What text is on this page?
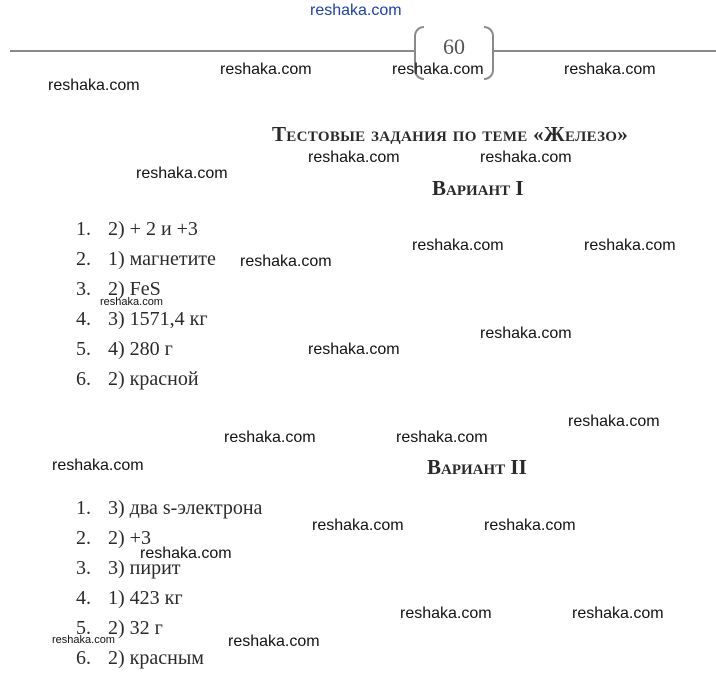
reshaka.com
60
Тестовые задания по теме «Железо»
Вариант I
1. 2) + 2 и +3
2. 1) магнетите
3. 2) FeS
4. 3) 1571,4 кг
5. 4) 280 г
6. 2) красной
Вариант II
1. 3) два s-электрона
2. 2) +3
3. 3) пирит
4. 1) 423 кг
5. 2) 32 г
6. 2) красным
reshaka.com	reshaka.com	reshaka.com
reshaka.com
reshaka.com	reshaka.com
reshaka.com
reshaka.com	reshaka.com
reshaka.com
reshaka.com
reshaka.com
reshaka.com
reshaka.com
reshaka.com	reshaka.com
reshaka.com
reshaka.com	reshaka.com
reshaka.com
reshaka.com	reshaka.com
reshaka.com	reshaka.com
